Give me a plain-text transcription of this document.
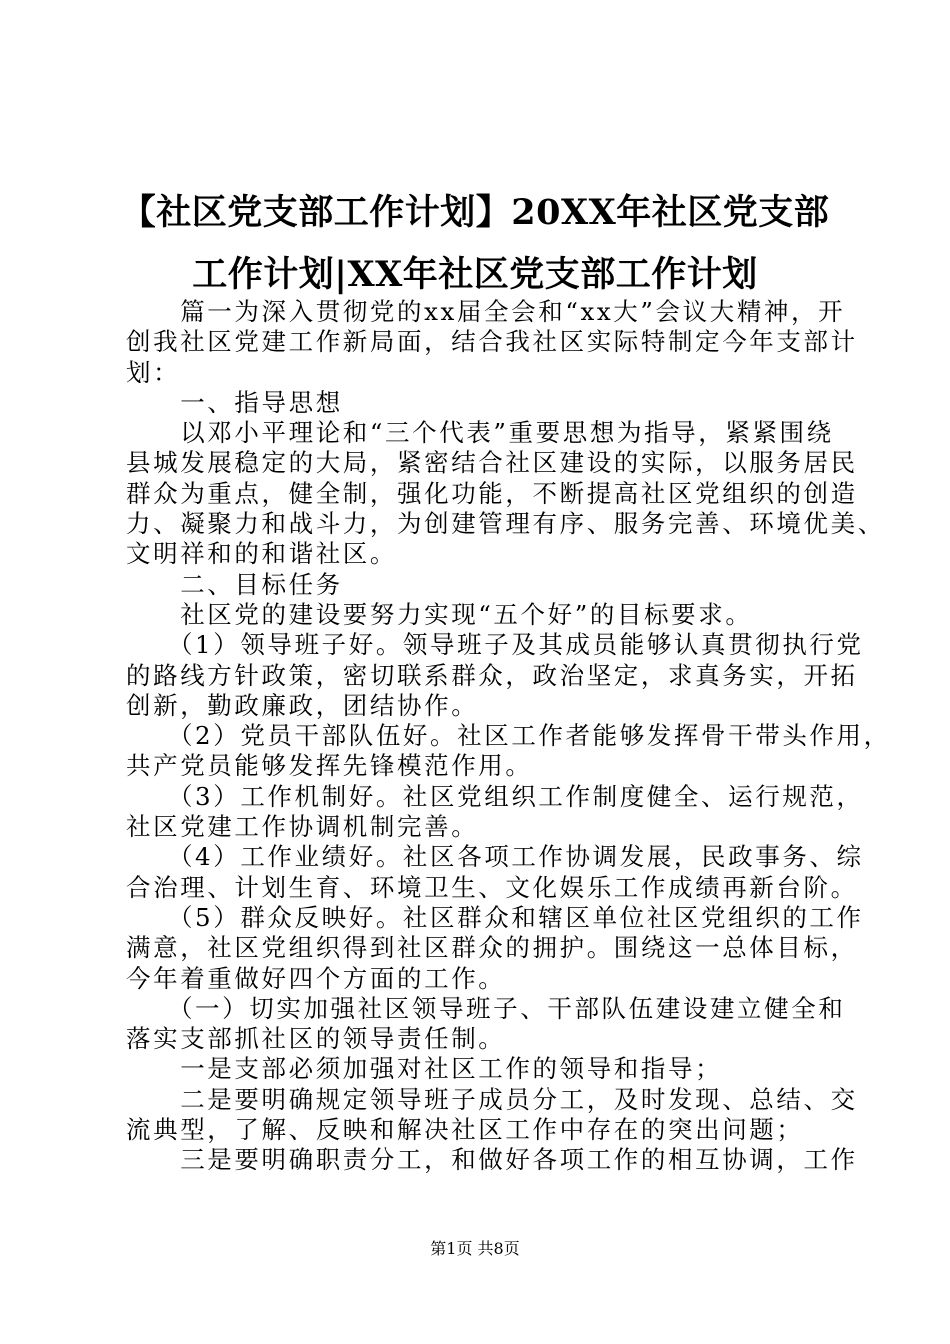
【社区党支部工作计划】20XX年社区党支部
工作计划|XX年社区党支部工作计划
　　篇一为深入贯彻党的xx届全会和“xx大”会议大精神，开
创我社区党建工作新局面，结合我社区实际特制定今年支部计
划：
　　一、指导思想
　　以邓小平理论和“三个代表”重要思想为指导，紧紧围绕
县城发展稳定的大局，紧密结合社区建设的实际，以服务居民
群众为重点，健全制，强化功能，不断提高社区党组织的创造
力、凝聚力和战斗力，为创建管理有序、服务完善、环境优美、
文明祥和的和谐社区。
　　二、目标任务
　　社区党的建设要努力实现“五个好”的目标要求。
　　（1）领导班子好。领导班子及其成员能够认真贯彻执行党
的路线方针政策，密切联系群众，政治坚定，求真务实，开拓
创新，勤政廉政，团结协作。
　　（2）党员干部队伍好。社区工作者能够发挥骨干带头作用，
共产党员能够发挥先锋模范作用。
　　（3）工作机制好。社区党组织工作制度健全、运行规范，
社区党建工作协调机制完善。
　　（4）工作业绩好。社区各项工作协调发展，民政事务、综
合治理、计划生育、环境卫生、文化娱乐工作成绩再新台阶。
　　（5）群众反映好。社区群众和辖区单位社区党组织的工作
满意，社区党组织得到社区群众的拥护。围绕这一总体目标，
今年着重做好四个方面的工作。
　　（一）切实加强社区领导班子、干部队伍建设建立健全和
落实支部抓社区的领导责任制。
　　一是支部必须加强对社区工作的领导和指导；
　　二是要明确规定领导班子成员分工，及时发现、总结、交
流典型，了解、反映和解决社区工作中存在的突出问题；
　　三是要明确职责分工，和做好各项工作的相互协调，工作
第1页 共8页
